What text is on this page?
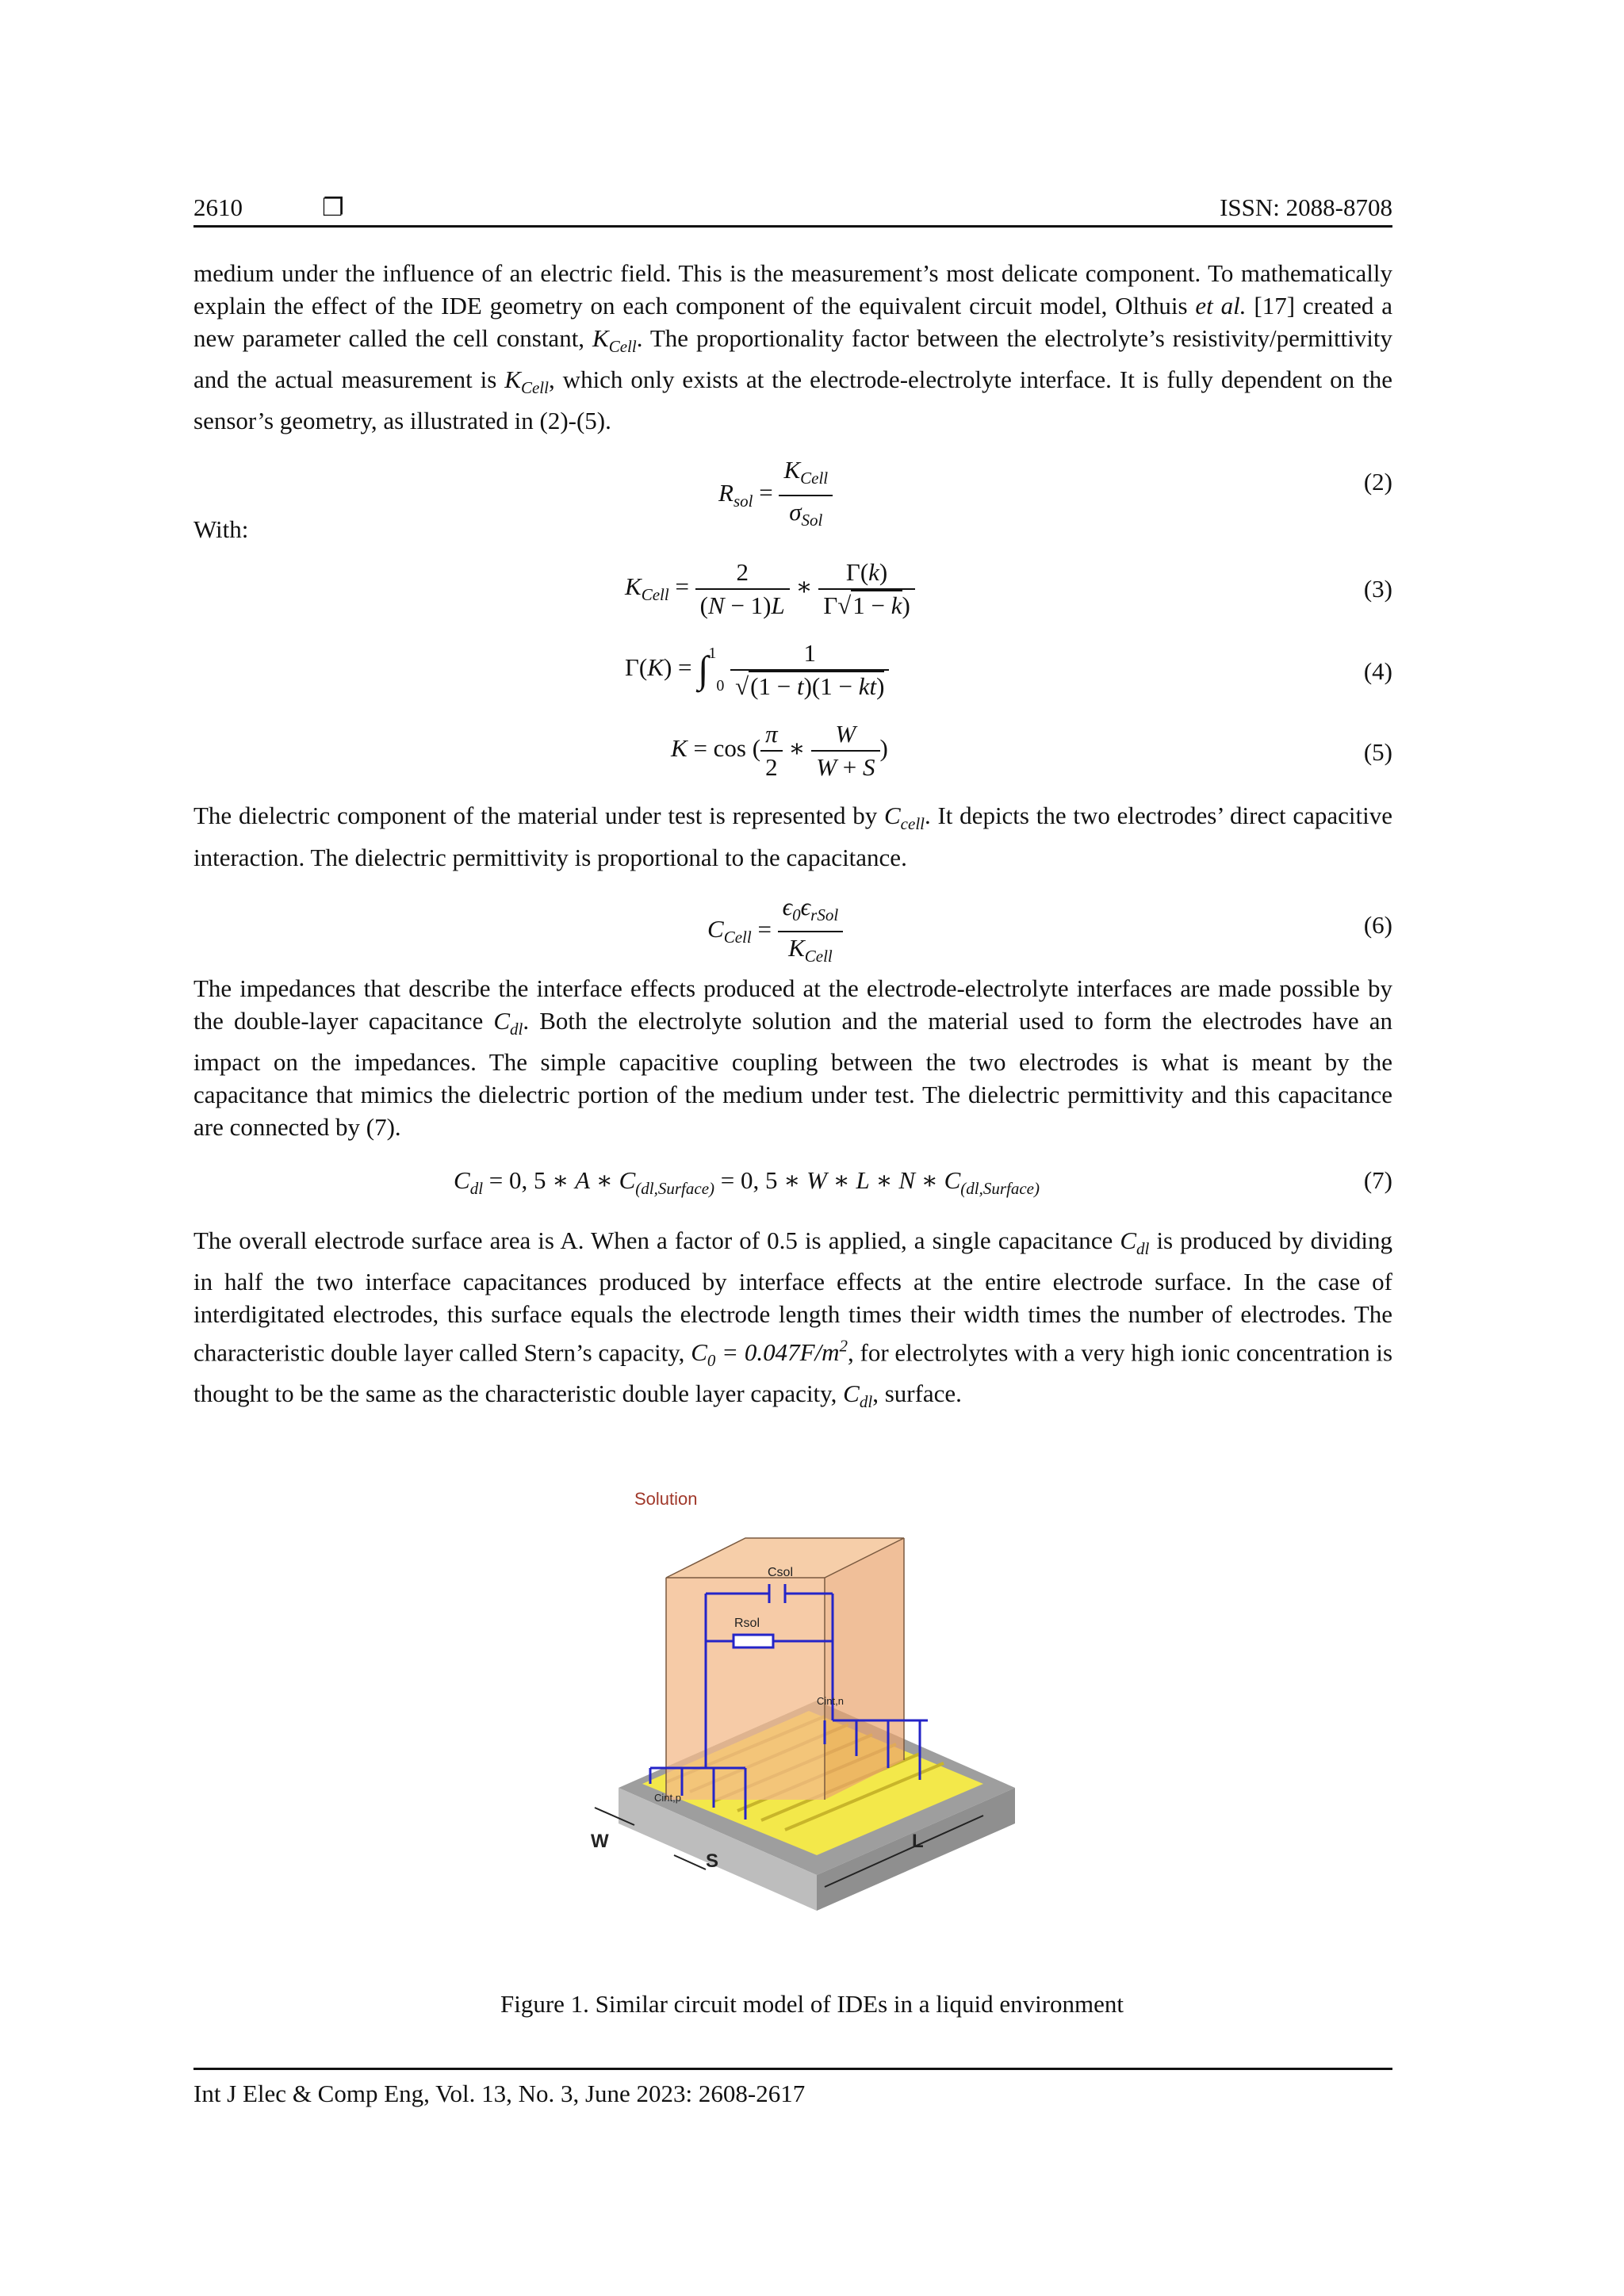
2610	❐	ISSN: 2088-8708

medium under the influence of an electric field. This is the measurement’s most delicate component. To mathematically explain the effect of the IDE geometry on each component of the equivalent circuit model, Olthuis et al. [17] created a new parameter called the cell constant, $K_{Cell}$. The proportionality factor between the electrolyte’s resistivity/permittivity and the actual measurement is $K_{Cell}$, which only exists at the electrode-electrolyte interface. It is fully dependent on the sensor’s geometry, as illustrated in (2)-(5).

$R_{sol} = \frac{K_{Cell}}{\sigma_{Sol}}$	(2)

With:

$K_{Cell} = \frac{2}{(N - 1)L}$ ∗ $\frac{\Gamma(k)}{\Gamma√1 - k)}$	(3)
$\Gamma(K) = \int^10 \frac{1}{√(1 - t)(1 - kt)}$	(4)
K = cos ( $\frac{\pi}{2}$ ∗ $\frac{W}{W + S}$ )	(5)

The dielectric component of the material under test is represented by $C_{cell}$. It depicts the two electrodes’ direct capacitive interaction. The dielectric permittivity is proportional to the capacitance.

$C_{Cell} = \frac{\epsilon_0\epsilon_{rSol}}{K_{Cell}}$	(6)

The impedances that describe the interface effects produced at the electrode-electrolyte interfaces are made possible by the double-layer capacitance $C_{dl}$. Both the electrolyte solution and the material used to form the electrodes have an impact on the impedances. The simple capacitive coupling between the two electrodes is what is meant by the capacitance that mimics the dielectric portion of the medium under test. The dielectric permittivity and this capacitance are connected by (7).

$C_{dl} = 0$, 5 ∗ A ∗ $C_{(dl,Surface)} = 0$, 5 ∗ W ∗ L ∗ N ∗ $C_{(dl,Surface)}$	(7)

The overall electrode surface area is A. When a factor of 0.5 is applied, a single capacitance $C_{dl}$ is produced by dividing in half the two interface capacitances produced by interface effects at the entire electrode surface. In the case of interdigitated electrodes, this surface equals the electrode length times their width times the number of electrodes. The characteristic double layer called Stern’s capacity, $C_0 = 0.047F/m^2$, for electrolytes with a very high ionic concentration is thought to be the same as the characteristic double layer capacity, $C_{dl}$, surface.

Solution
Csol
Rsol
Cint,n
Cint,p
W
S
L
Figure 1. Similar circuit model of IDEs in a liquid environment
Int J Elec & Comp Eng, Vol. 13, No. 3, June 2023: 2608-2617
